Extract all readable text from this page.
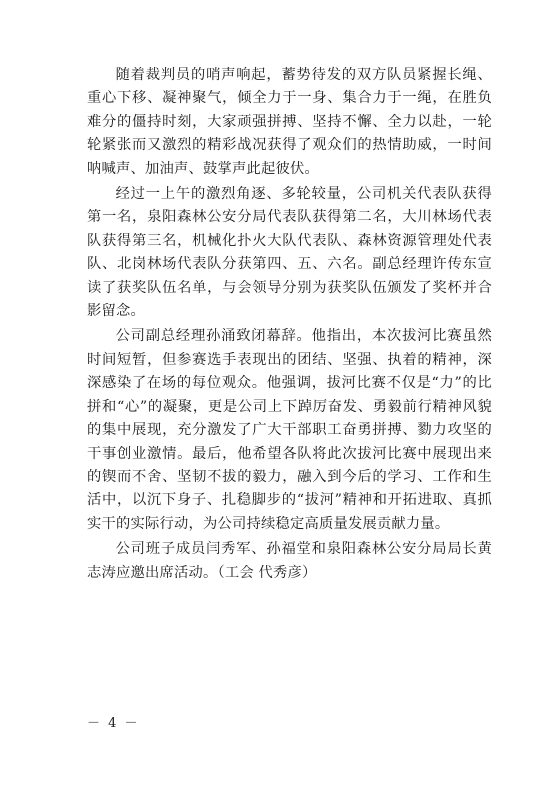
随着裁判员的哨声响起，蓄势待发的双方队员紧握长绳、重心下移、凝神聚气，倾全力于一身、集合力于一绳，在胜负难分的僵持时刻，大家顽强拼搏、坚持不懈、全力以赴，一轮轮紧张而又激烈的精彩战况获得了观众们的热情助威，一时间呐喊声、加油声、鼓掌声此起彼伏。

经过一上午的激烈角逐、多轮较量，公司机关代表队获得第一名，泉阳森林公安分局代表队获得第二名，大川林场代表队获得第三名，机械化扑火大队代表队、森林资源管理处代表队、北岗林场代表队分获第四、五、六名。副总经理许传东宣读了获奖队伍名单，与会领导分别为获奖队伍颁发了奖杯并合影留念。

公司副总经理孙涌致闭幕辞。他指出，本次拔河比赛虽然时间短暂，但参赛选手表现出的团结、坚强、执着的精神，深深感染了在场的每位观众。他强调，拔河比赛不仅是“力”的比拼和“心”的凝聚，更是公司上下踔厉奋发、勇毅前行精神风貌的集中展现，充分激发了广大干部职工奋勇拼搏、勠力攻坚的干事创业激情。最后，他希望各队将此次拔河比赛中展现出来的锲而不舍、坚韧不拔的毅力，融入到今后的学习、工作和生活中，以沉下身子、扎稳脚步的“拔河”精神和开拓进取、真抓实干的实际行动，为公司持续稳定高质量发展贡献力量。

公司班子成员闫秀军、孙福堂和泉阳森林公安分局局长黄志涛应邀出席活动。（工会 代秀彦）

－ 4 －
